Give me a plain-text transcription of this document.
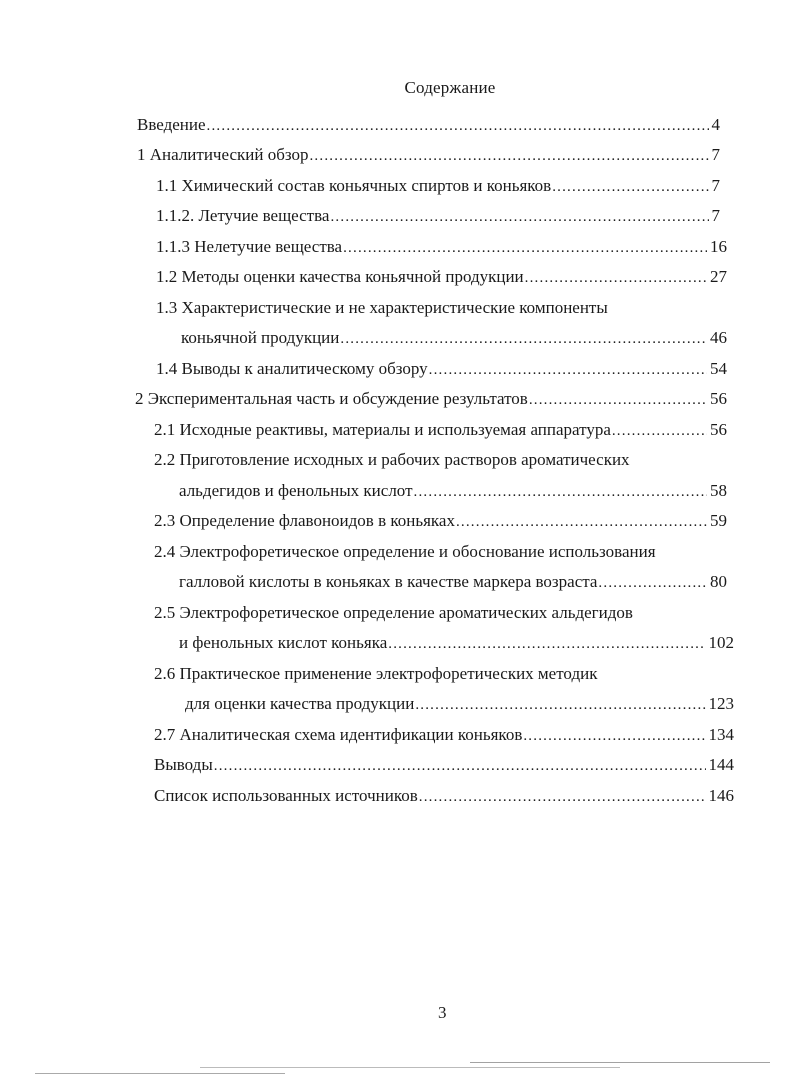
Содержание
Введение .....	4
1 Аналитический обзор .....	7
1.1 Химический состав коньячных спиртов и коньяков .....	7
1.1.2. Летучие вещества .....	7
1.1.3 Нелетучие вещества .....	16
1.2 Методы оценки качества коньячной продукции .....	27
1.3 Характеристические и не характеристические компоненты
коньячной продукции .....	46
1.4 Выводы к аналитическому обзору .....	54
2 Экспериментальная часть и обсуждение результатов .....	56
2.1 Исходные реактивы, материалы и используемая аппаратура .....	56
2.2 Приготовление исходных и рабочих растворов ароматических
альдегидов и фенольных кислот .....	58
2.3 Определение флавоноидов в коньяках .....	59
2.4 Электрофоретическое определение и обоснование использования
галловой кислоты в коньяках в качестве маркера возраста .....	80
2.5 Электрофоретическое определение ароматических альдегидов
и фенольных кислот коньяка .....	102
2.6 Практическое применение электрофоретических методик
для оценки качества продукции .....	123
2.7 Аналитическая схема идентификации коньяков .....	134
Выводы .....	144
Список использованных источников .....	146
3
